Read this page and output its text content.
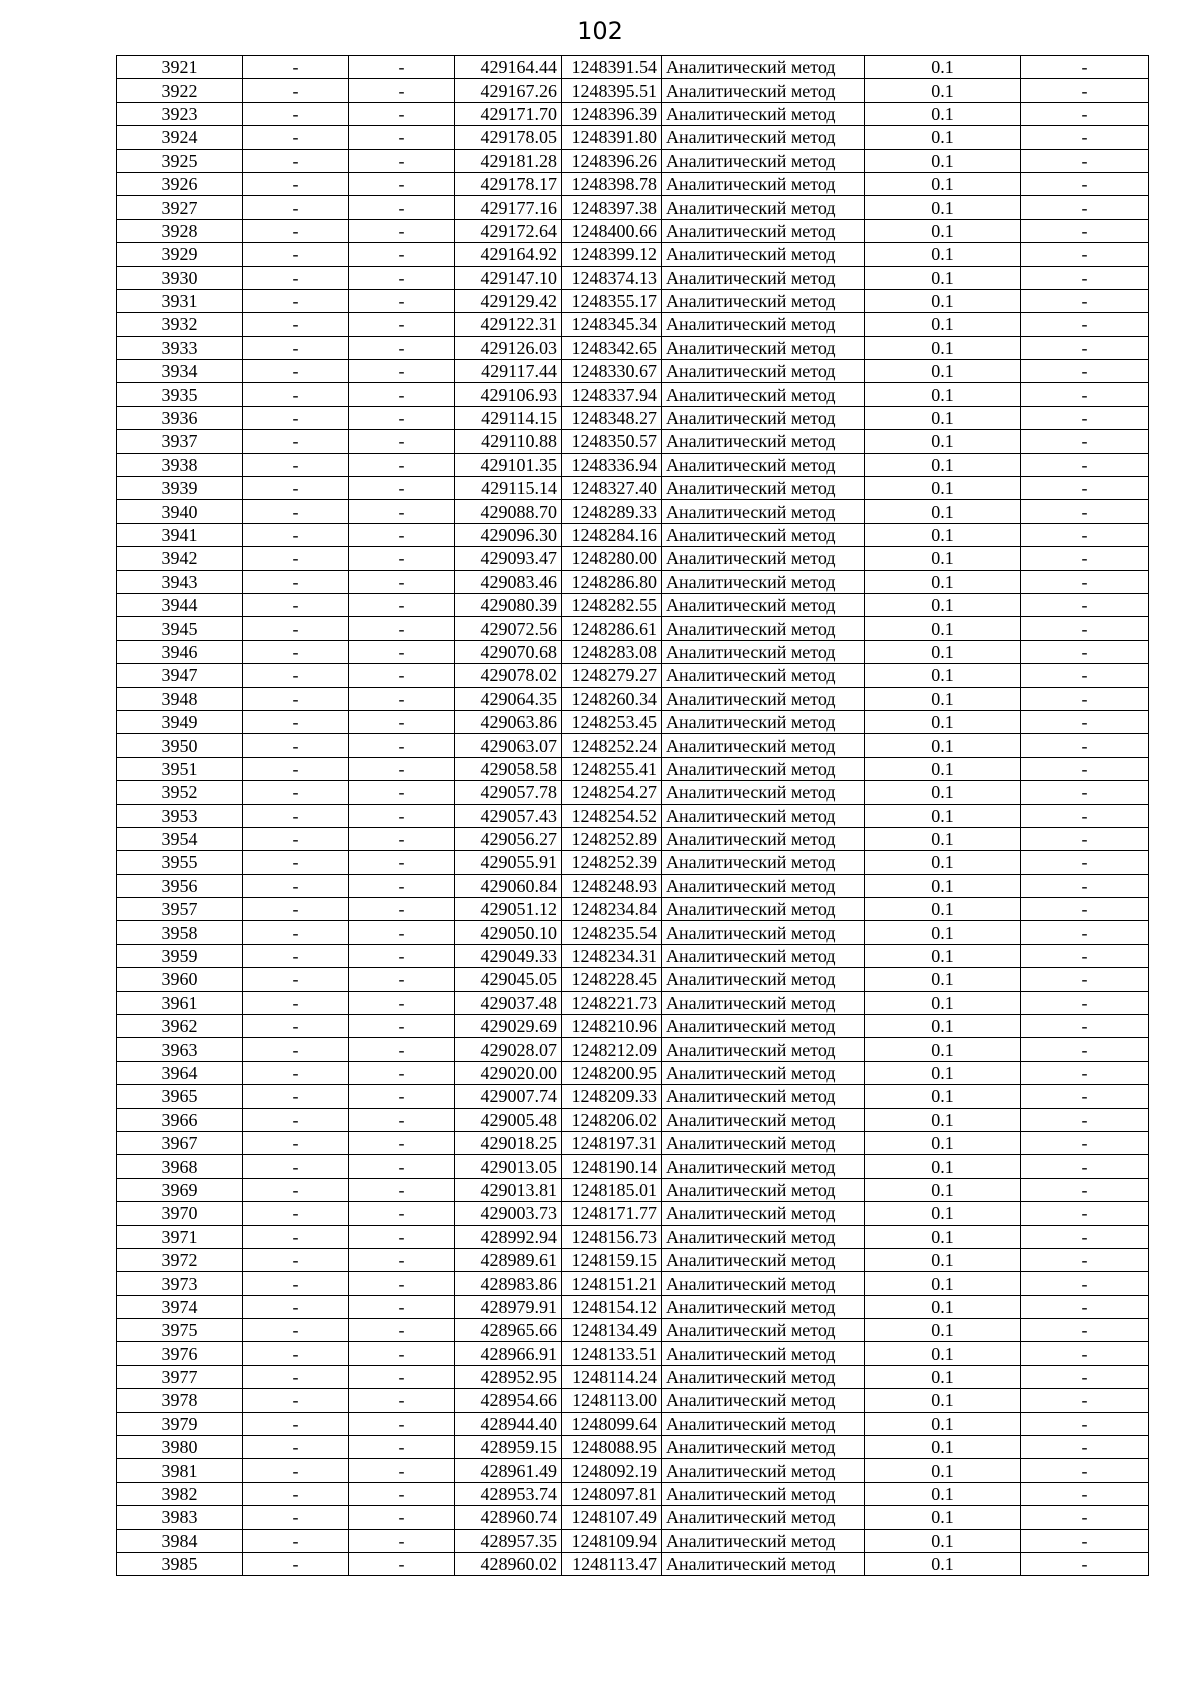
102
3921	-	-	429164.44	1248391.54	Аналитический метод	0.1	-
3922	-	-	429167.26	1248395.51	Аналитический метод	0.1	-
3923	-	-	429171.70	1248396.39	Аналитический метод	0.1	-
3924	-	-	429178.05	1248391.80	Аналитический метод	0.1	-
3925	-	-	429181.28	1248396.26	Аналитический метод	0.1	-
3926	-	-	429178.17	1248398.78	Аналитический метод	0.1	-
3927	-	-	429177.16	1248397.38	Аналитический метод	0.1	-
3928	-	-	429172.64	1248400.66	Аналитический метод	0.1	-
3929	-	-	429164.92	1248399.12	Аналитический метод	0.1	-
3930	-	-	429147.10	1248374.13	Аналитический метод	0.1	-
3931	-	-	429129.42	1248355.17	Аналитический метод	0.1	-
3932	-	-	429122.31	1248345.34	Аналитический метод	0.1	-
3933	-	-	429126.03	1248342.65	Аналитический метод	0.1	-
3934	-	-	429117.44	1248330.67	Аналитический метод	0.1	-
3935	-	-	429106.93	1248337.94	Аналитический метод	0.1	-
3936	-	-	429114.15	1248348.27	Аналитический метод	0.1	-
3937	-	-	429110.88	1248350.57	Аналитический метод	0.1	-
3938	-	-	429101.35	1248336.94	Аналитический метод	0.1	-
3939	-	-	429115.14	1248327.40	Аналитический метод	0.1	-
3940	-	-	429088.70	1248289.33	Аналитический метод	0.1	-
3941	-	-	429096.30	1248284.16	Аналитический метод	0.1	-
3942	-	-	429093.47	1248280.00	Аналитический метод	0.1	-
3943	-	-	429083.46	1248286.80	Аналитический метод	0.1	-
3944	-	-	429080.39	1248282.55	Аналитический метод	0.1	-
3945	-	-	429072.56	1248286.61	Аналитический метод	0.1	-
3946	-	-	429070.68	1248283.08	Аналитический метод	0.1	-
3947	-	-	429078.02	1248279.27	Аналитический метод	0.1	-
3948	-	-	429064.35	1248260.34	Аналитический метод	0.1	-
3949	-	-	429063.86	1248253.45	Аналитический метод	0.1	-
3950	-	-	429063.07	1248252.24	Аналитический метод	0.1	-
3951	-	-	429058.58	1248255.41	Аналитический метод	0.1	-
3952	-	-	429057.78	1248254.27	Аналитический метод	0.1	-
3953	-	-	429057.43	1248254.52	Аналитический метод	0.1	-
3954	-	-	429056.27	1248252.89	Аналитический метод	0.1	-
3955	-	-	429055.91	1248252.39	Аналитический метод	0.1	-
3956	-	-	429060.84	1248248.93	Аналитический метод	0.1	-
3957	-	-	429051.12	1248234.84	Аналитический метод	0.1	-
3958	-	-	429050.10	1248235.54	Аналитический метод	0.1	-
3959	-	-	429049.33	1248234.31	Аналитический метод	0.1	-
3960	-	-	429045.05	1248228.45	Аналитический метод	0.1	-
3961	-	-	429037.48	1248221.73	Аналитический метод	0.1	-
3962	-	-	429029.69	1248210.96	Аналитический метод	0.1	-
3963	-	-	429028.07	1248212.09	Аналитический метод	0.1	-
3964	-	-	429020.00	1248200.95	Аналитический метод	0.1	-
3965	-	-	429007.74	1248209.33	Аналитический метод	0.1	-
3966	-	-	429005.48	1248206.02	Аналитический метод	0.1	-
3967	-	-	429018.25	1248197.31	Аналитический метод	0.1	-
3968	-	-	429013.05	1248190.14	Аналитический метод	0.1	-
3969	-	-	429013.81	1248185.01	Аналитический метод	0.1	-
3970	-	-	429003.73	1248171.77	Аналитический метод	0.1	-
3971	-	-	428992.94	1248156.73	Аналитический метод	0.1	-
3972	-	-	428989.61	1248159.15	Аналитический метод	0.1	-
3973	-	-	428983.86	1248151.21	Аналитический метод	0.1	-
3974	-	-	428979.91	1248154.12	Аналитический метод	0.1	-
3975	-	-	428965.66	1248134.49	Аналитический метод	0.1	-
3976	-	-	428966.91	1248133.51	Аналитический метод	0.1	-
3977	-	-	428952.95	1248114.24	Аналитический метод	0.1	-
3978	-	-	428954.66	1248113.00	Аналитический метод	0.1	-
3979	-	-	428944.40	1248099.64	Аналитический метод	0.1	-
3980	-	-	428959.15	1248088.95	Аналитический метод	0.1	-
3981	-	-	428961.49	1248092.19	Аналитический метод	0.1	-
3982	-	-	428953.74	1248097.81	Аналитический метод	0.1	-
3983	-	-	428960.74	1248107.49	Аналитический метод	0.1	-
3984	-	-	428957.35	1248109.94	Аналитический метод	0.1	-
3985	-	-	428960.02	1248113.47	Аналитический метод	0.1	-
